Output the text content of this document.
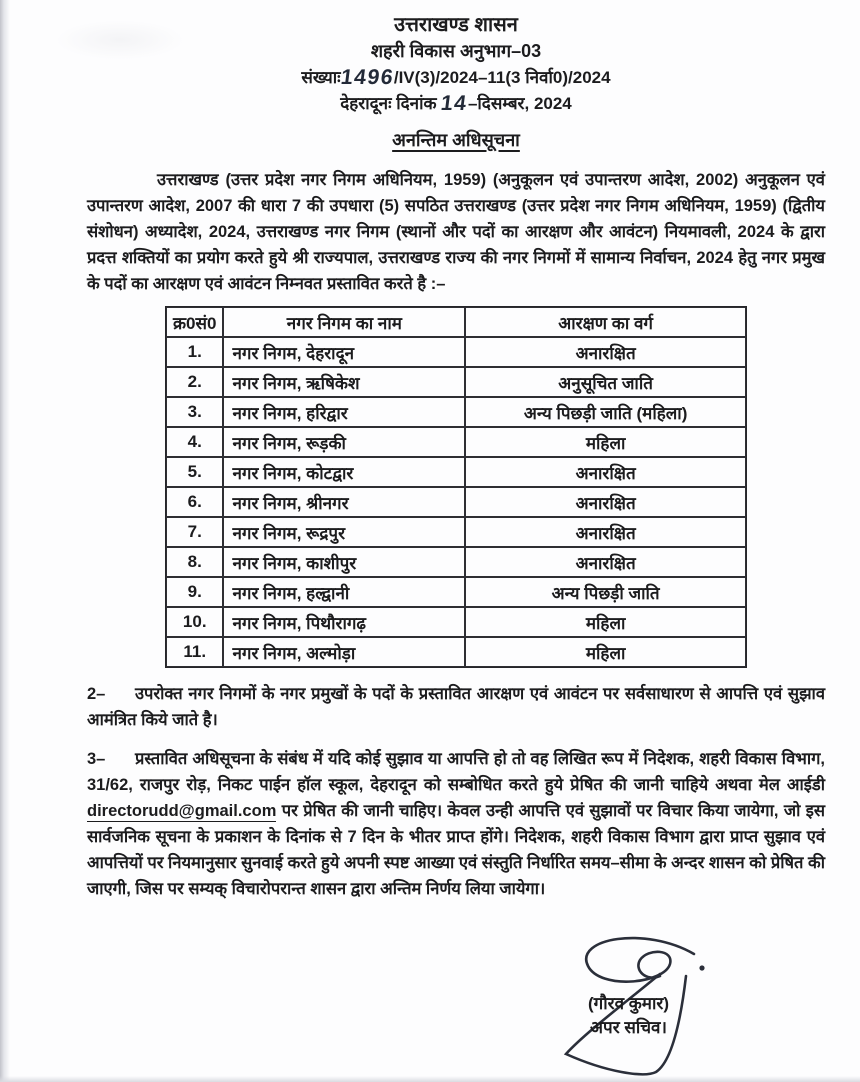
उत्तराखण्ड शासन
शहरी विकास अनुभाग–03
संख्याः1496/IV(3)/2024–11(3 निर्वा0)/2024
देहरादूनः दिनांक 14–दिसम्बर, 2024
अनन्तिम अधिसूचना
उत्तराखण्ड (उत्तर प्रदेश नगर निगम अधिनियम, 1959) (अनुकूलन एवं उपान्तरण आदेश, 2002) अनुकूलन एवं उपान्तरण आदेश, 2007 की धारा 7 की उपधारा (5) सपठित उत्तराखण्ड (उत्तर प्रदेश नगर निगम अधिनियम, 1959) (द्वितीय संशोधन) अध्यादेश, 2024, उत्तराखण्ड नगर निगम (स्थानों और पदों का आरक्षण और आवंटन) नियमावली, 2024 के द्वारा प्रदत्त शक्तियों का प्रयोग करते हुये श्री राज्यपाल, उत्तराखण्ड राज्य की नगर निगमों में सामान्य निर्वाचन, 2024 हेतु नगर प्रमुख के पदों का आरक्षण एवं आवंटन निम्नवत प्रस्तावित करते है :–
क्र0सं0	नगर निगम का नाम	आरक्षण का वर्ग
1.	नगर निगम, देहरादून	अनारक्षित
2.	नगर निगम, ऋषिकेश	अनुसूचित जाति
3.	नगर निगम, हरिद्वार	अन्य पिछड़ी जाति (महिला)
4.	नगर निगम, रूड़की	महिला
5.	नगर निगम, कोटद्वार	अनारक्षित
6.	नगर निगम, श्रीनगर	अनारक्षित
7.	नगर निगम, रूद्रपुर	अनारक्षित
8.	नगर निगम, काशीपुर	अनारक्षित
9.	नगर निगम, हल्द्वानी	अन्य पिछड़ी जाति
10.	नगर निगम, पिथौरागढ़	महिला
11.	नगर निगम, अल्मोड़ा	महिला
2– उपरोक्त नगर निगमों के नगर प्रमुखों के पदों के प्रस्तावित आरक्षण एवं आवंटन पर सर्वसाधारण से आपत्ति एवं सुझाव आमंत्रित किये जाते है।
3– प्रस्तावित अधिसूचना के संबंध में यदि कोई सुझाव या आपत्ति हो तो वह लिखित रूप में निदेशक, शहरी विकास विभाग, 31/62, राजपुर रोड़, निकट पाईन हॉल स्कूल, देहरादून को सम्बोधित करते हुये प्रेषित की जानी चाहिये अथवा मेल आईडी directorudd@gmail.com पर प्रेषित की जानी चाहिए। केवल उन्ही आपत्ति एवं सुझावों पर विचार किया जायेगा, जो इस सार्वजनिक सूचना के प्रकाशन के दिनांक से 7 दिन के भीतर प्राप्त होंगे। निदेशक, शहरी विकास विभाग द्वारा प्राप्त सुझाव एवं आपत्तियों पर नियमानुसार सुनवाई करते हुये अपनी स्पष्ट आख्या एवं संस्तुति निर्धारित समय–सीमा के अन्दर शासन को प्रेषित की जाएगी, जिस पर सम्यक् विचारोपरान्त शासन द्वारा अन्तिम निर्णय लिया जायेगा।
(गौरव कुमार)
अपर सचिव।
